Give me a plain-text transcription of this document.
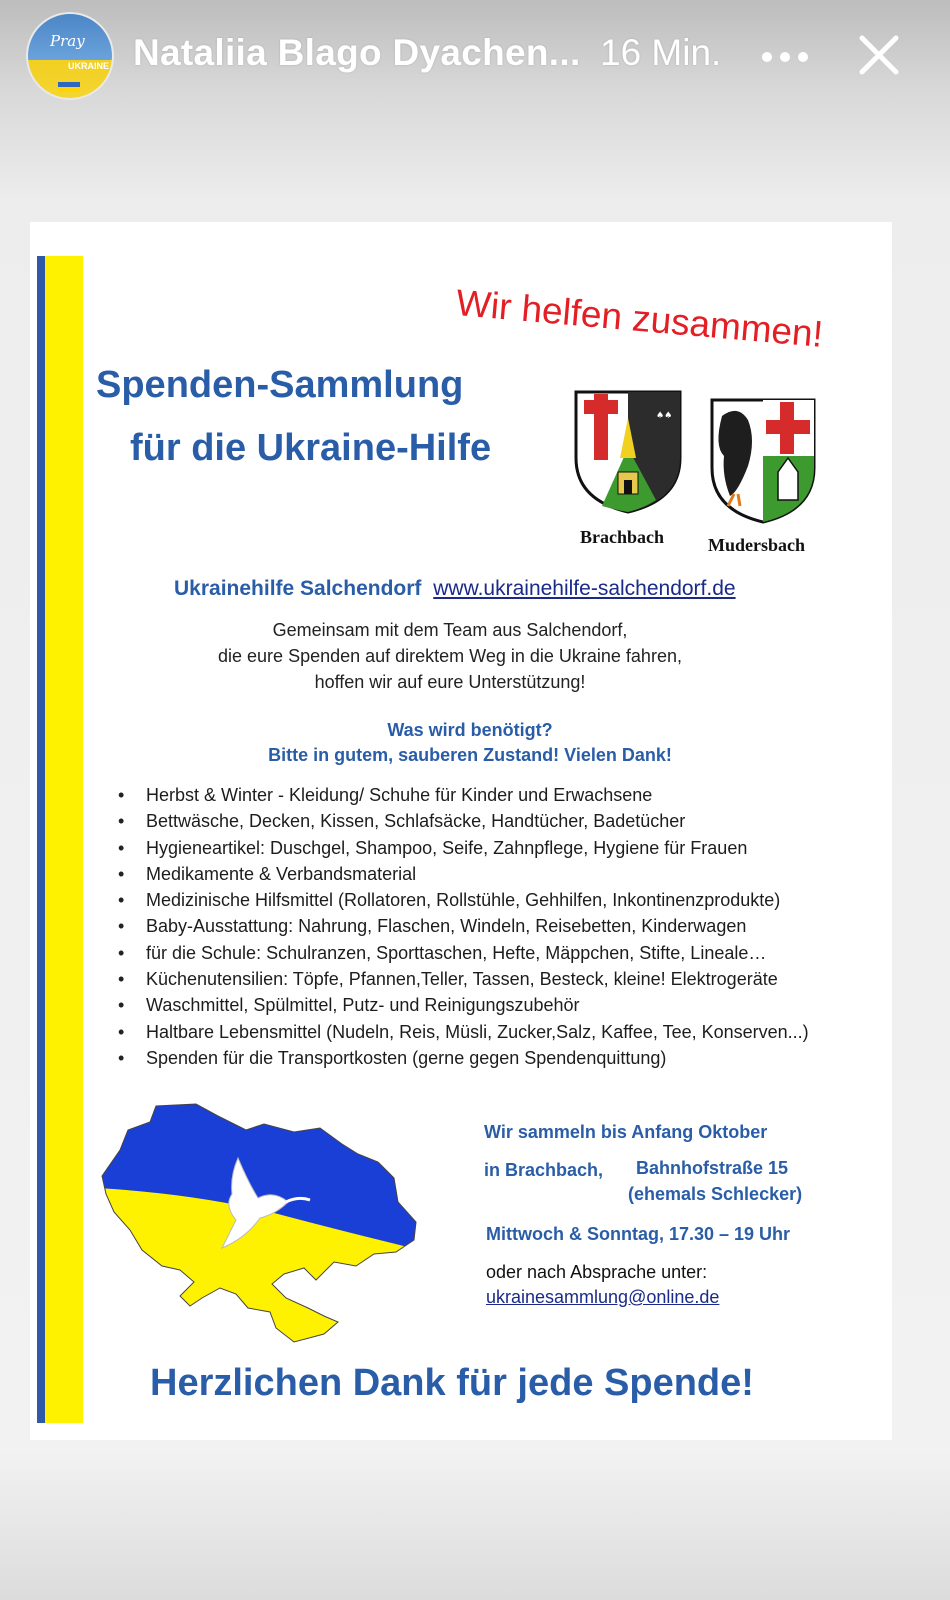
Pray
UKRAINE Nataliia Blago Dyachen... 16 Min.
Wir helfen zusammen!
Spenden-Sammlung
für die Ukraine-Hilfe
♠♠
Brachbach Mudersbach
Ukrainehilfe Salchendorf www.ukrainehilfe-salchendorf.de
Gemeinsam mit dem Team aus Salchendorf,
die eure Spenden auf direktem Weg in die Ukraine fahren,
hoffen wir auf eure Unterstützung!
Was wird benötigt?
Bitte in gutem, sauberen Zustand! Vielen Dank!
• Herbst & Winter - Kleidung/ Schuhe für Kinder und Erwachsene
• Bettwäsche, Decken, Kissen, Schlafsäcke, Handtücher, Badetücher
• Hygieneartikel: Duschgel, Shampoo, Seife, Zahnpflege, Hygiene für Frauen
• Medikamente & Verbandsmaterial
• Medizinische Hilfsmittel (Rollatoren, Rollstühle, Gehhilfen, Inkontinenzprodukte)
• Baby-Ausstattung: Nahrung, Flaschen, Windeln, Reisebetten, Kinderwagen
• für die Schule: Schulranzen, Sporttaschen, Hefte, Mäppchen, Stifte, Lineale…
• Küchenutensilien: Töpfe, Pfannen,Teller, Tassen, Besteck, kleine! Elektrogeräte
• Waschmittel, Spülmittel, Putz- und Reinigungszubehör
• Haltbare Lebensmittel (Nudeln, Reis, Müsli, Zucker,Salz, Kaffee, Tee, Konserven...)
• Spenden für die Transportkosten (gerne gegen Spendenquittung)
Wir sammeln bis Anfang Oktober
in Brachbach, Bahnhofstraße 15
(ehemals Schlecker)
Mittwoch & Sonntag, 17.30 – 19 Uhr
oder nach Absprache unter:
ukrainesammlung@online.de
Herzlichen Dank für jede Spende!
